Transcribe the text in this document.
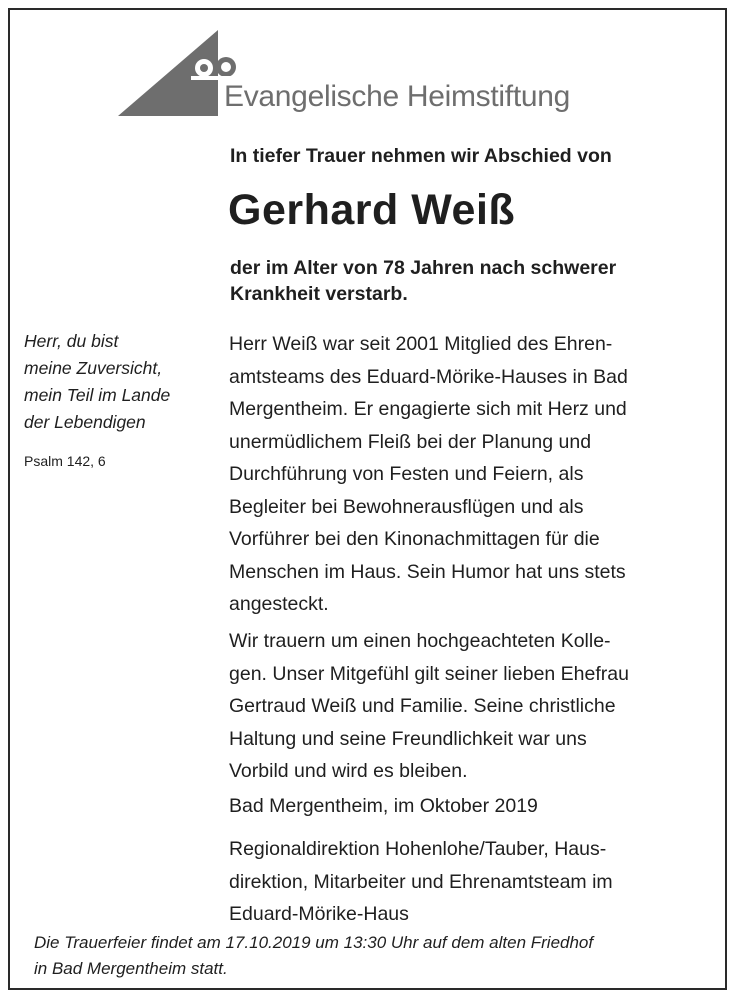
Evangelische Heimstiftung
In tiefer Trauer nehmen wir Abschied von
Gerhard Weiß
der im Alter von 78 Jahren nach schwerer
Krankheit verstarb.
Herr, du bist
meine Zuversicht,
mein Teil im Lande
der Lebendigen
Psalm 142, 6
Herr Weiß war seit 2001 Mitglied des Ehren-
amtsteams des Eduard-Mörike-Hauses in Bad
Mergentheim. Er engagierte sich mit Herz und
unermüdlichem Fleiß bei der Planung und
Durchführung von Festen und Feiern, als
Begleiter bei Bewohnerausflügen und als
Vorführer bei den Kinonachmittagen für die
Menschen im Haus. Sein Humor hat uns stets
angesteckt.
Wir trauern um einen hochgeachteten Kolle-
gen. Unser Mitgefühl gilt seiner lieben Ehefrau
Gertraud Weiß und Familie. Seine christliche
Haltung und seine Freundlichkeit war uns
Vorbild und wird es bleiben.
Bad Mergentheim, im Oktober 2019
Regionaldirektion Hohenlohe/Tauber, Haus-
direktion, Mitarbeiter und Ehrenamtsteam im
Eduard-Mörike-Haus
Die Trauerfeier findet am 17.10.2019 um 13:30 Uhr auf dem alten Friedhof
in Bad Mergentheim statt.
